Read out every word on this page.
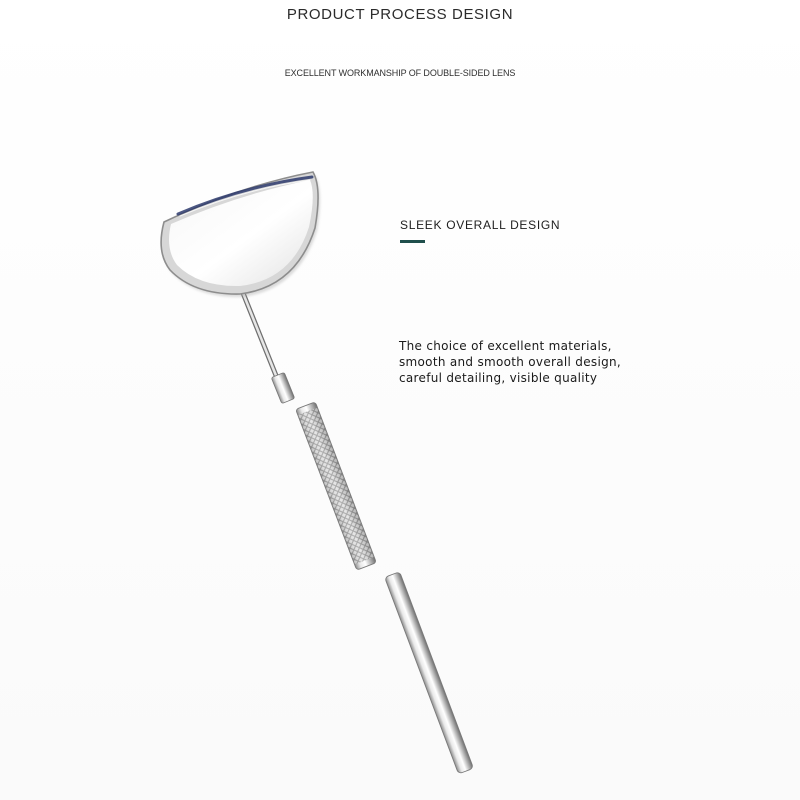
PRODUCT PROCESS DESIGN
EXCELLENT WORKMANSHIP OF DOUBLE-SIDED LENS
SLEEK OVERALL DESIGN
The choice of excellent materials,
smooth and smooth overall design,
careful detailing, visible quality
